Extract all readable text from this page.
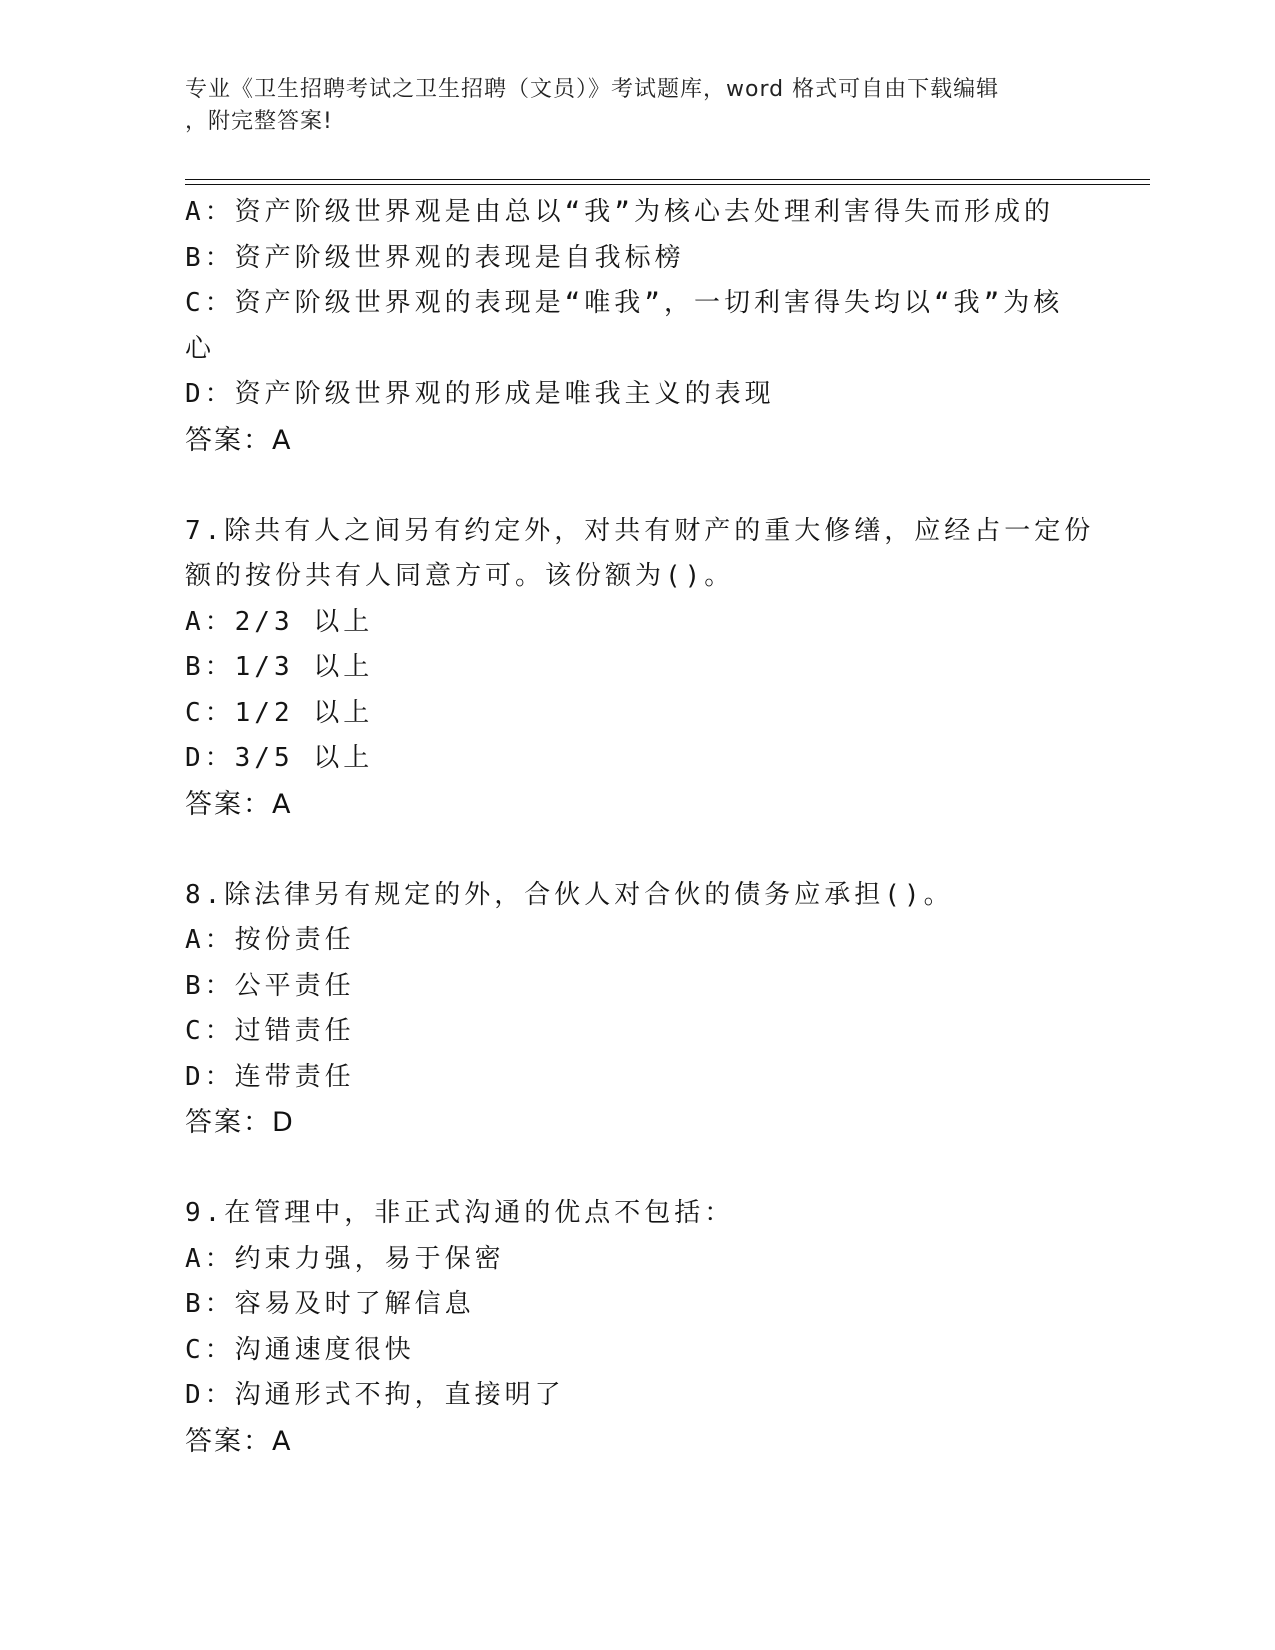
专业《卫生招聘考试之卫生招聘（文员）》考试题库，word 格式可自由下载编辑
，附完整答案!
A：资产阶级世界观是由总以“我”为核心去处理利害得失而形成的
B：资产阶级世界观的表现是自我标榜
C：资产阶级世界观的表现是“唯我”，一切利害得失均以“我”为核
心
D：资产阶级世界观的形成是唯我主义的表现
答案：A
7.除共有人之间另有约定外，对共有财产的重大修缮，应经占一定份
额的按份共有人同意方可。该份额为()。
A：2/3 以上
B：1/3 以上
C：1/2 以上
D：3/5 以上
答案：A
8.除法律另有规定的外，合伙人对合伙的债务应承担()。
A：按份责任
B：公平责任
C：过错责任
D：连带责任
答案：D
9.在管理中，非正式沟通的优点不包括：
A：约束力强，易于保密
B：容易及时了解信息
C：沟通速度很快
D：沟通形式不拘，直接明了
答案：A
